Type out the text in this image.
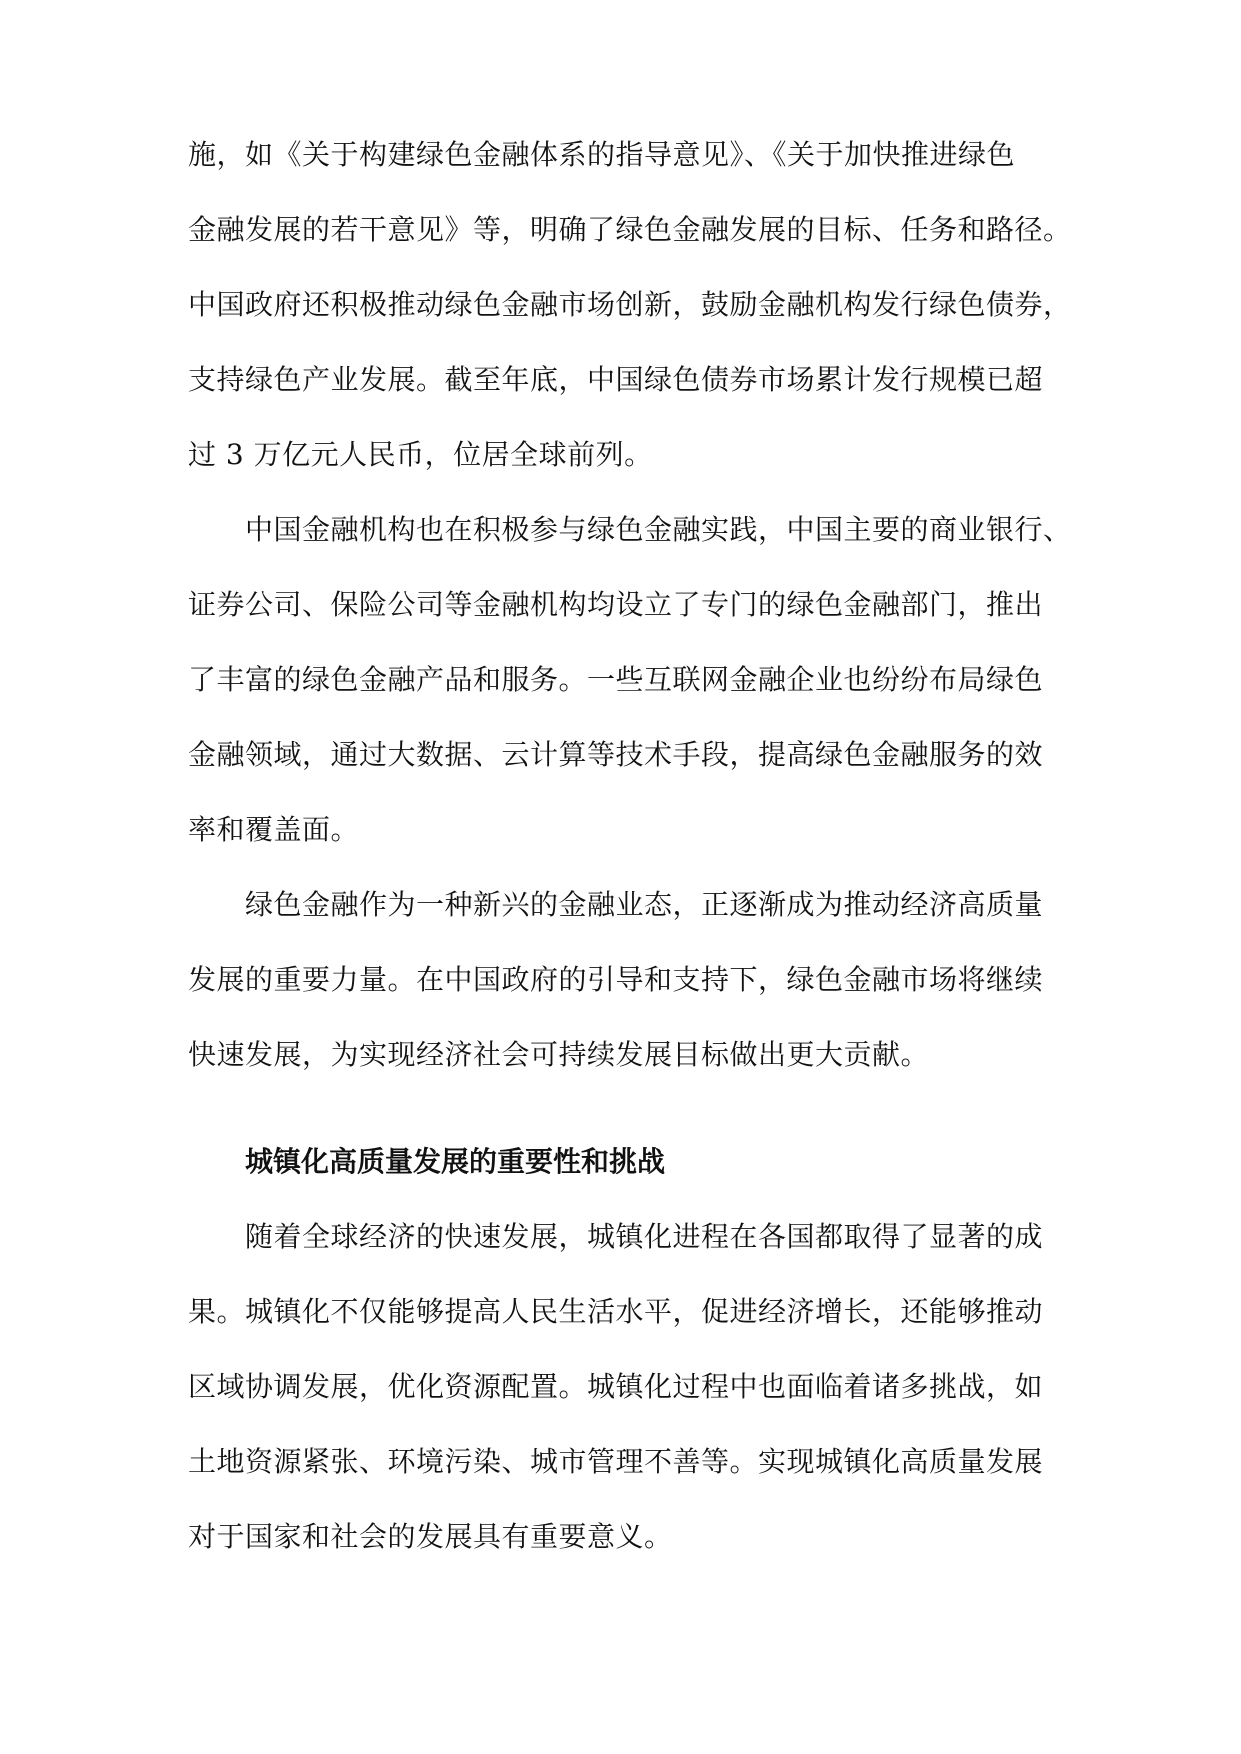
施，如《关于构建绿色金融体系的指导意见》、《关于加快推进绿色
金融发展的若干意见》等，明确了绿色金融发展的目标、任务和路径。
中国政府还积极推动绿色金融市场创新，鼓励金融机构发行绿色债券，
支持绿色产业发展。截至年底，中国绿色债券市场累计发行规模已超
过 3 万亿元人民币，位居全球前列。
中国金融机构也在积极参与绿色金融实践，中国主要的商业银行、
证券公司、保险公司等金融机构均设立了专门的绿色金融部门，推出
了丰富的绿色金融产品和服务。一些互联网金融企业也纷纷布局绿色
金融领域，通过大数据、云计算等技术手段，提高绿色金融服务的效
率和覆盖面。
绿色金融作为一种新兴的金融业态，正逐渐成为推动经济高质量
发展的重要力量。在中国政府的引导和支持下，绿色金融市场将继续
快速发展，为实现经济社会可持续发展目标做出更大贡献。
城镇化高质量发展的重要性和挑战
随着全球经济的快速发展，城镇化进程在各国都取得了显著的成
果。城镇化不仅能够提高人民生活水平，促进经济增长，还能够推动
区域协调发展，优化资源配置。城镇化过程中也面临着诸多挑战，如
土地资源紧张、环境污染、城市管理不善等。实现城镇化高质量发展
对于国家和社会的发展具有重要意义。
